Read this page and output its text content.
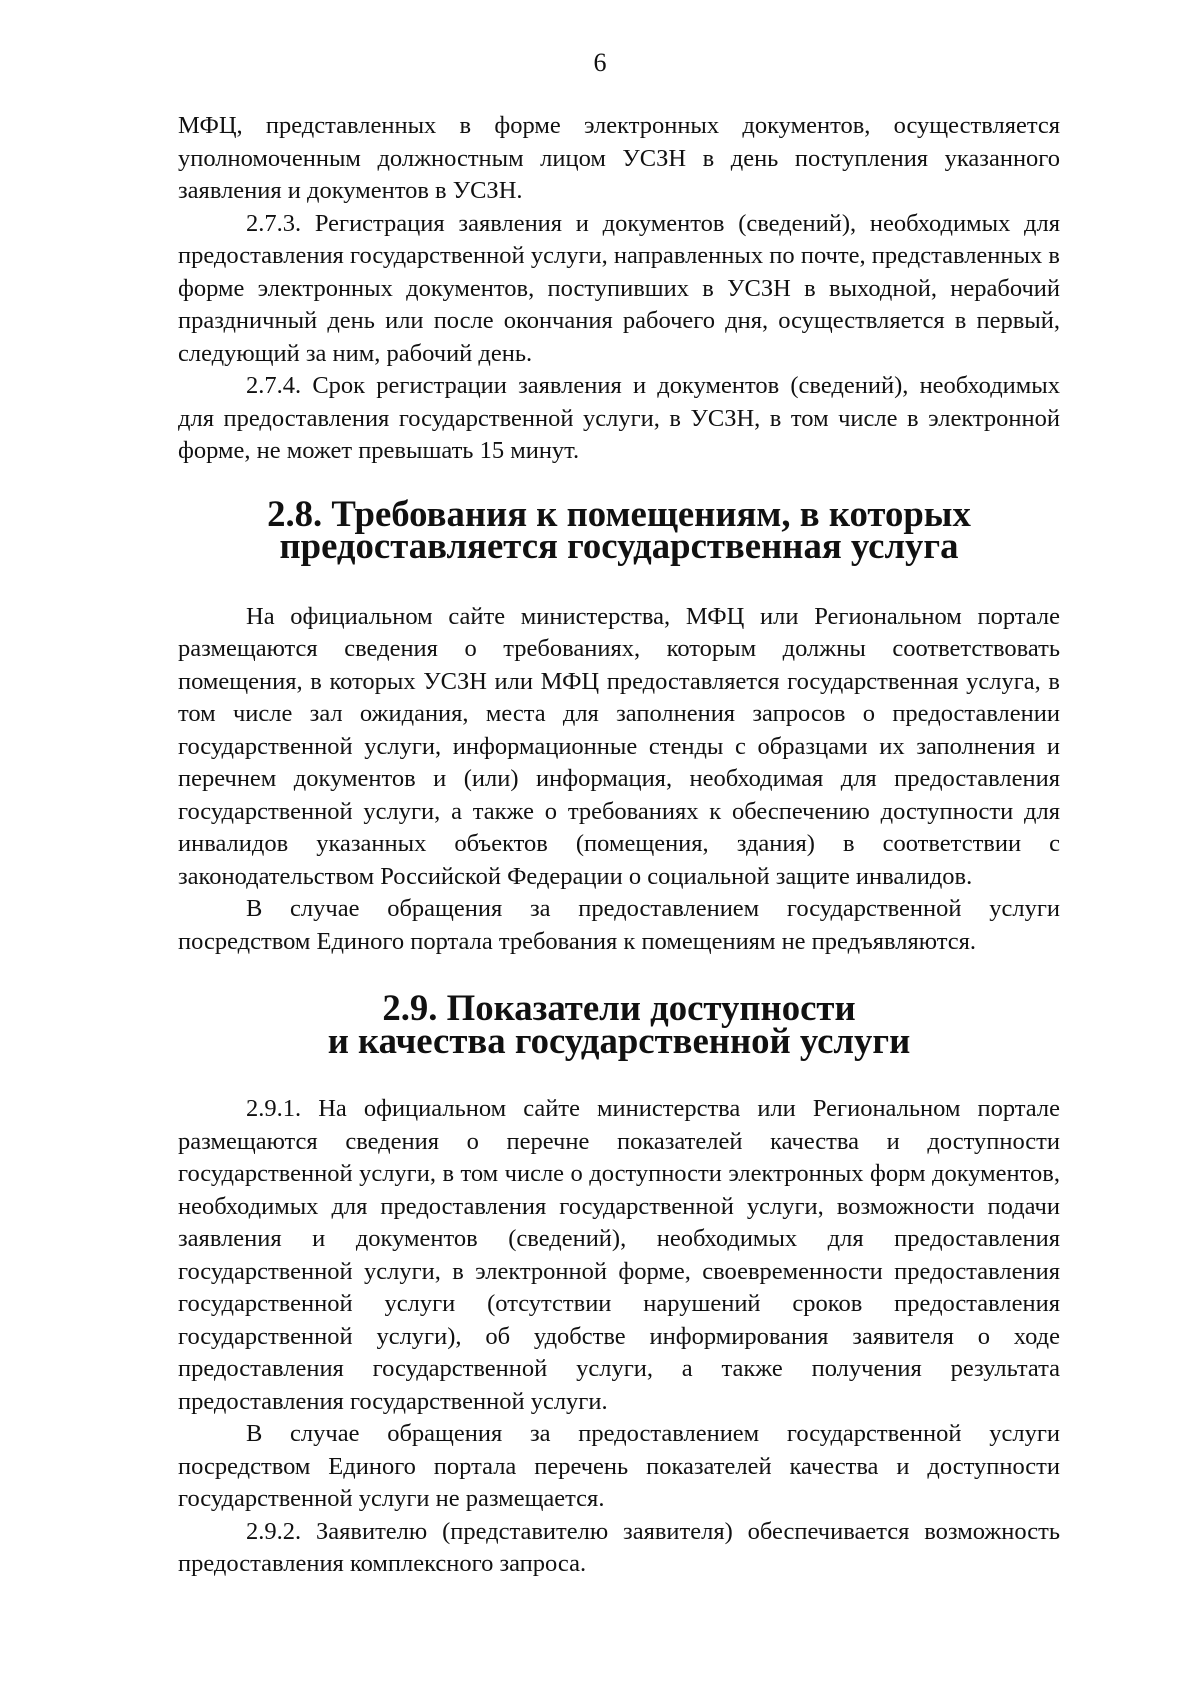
6

МФЦ, представленных в форме электронных документов, осуществляется уполномоченным должностным лицом УСЗН в день поступления указанного заявления и документов в УСЗН.

2.7.3. Регистрация заявления и документов (сведений), необходимых для предоставления государственной услуги, направленных по почте, представленных в форме электронных документов, поступивших в УСЗН в выходной, нерабочий праздничный день или после окончания рабочего дня, осуществляется в первый, следующий за ним, рабочий день.

2.7.4. Срок регистрации заявления и документов (сведений), необходимых для предоставления государственной услуги, в УСЗН, в том числе в электронной форме, не может превышать 15 минут.

2.8. Требования к помещениям, в которых
предоставляется государственная услуга

На официальном сайте министерства, МФЦ или Региональном портале размещаются сведения о требованиях, которым должны соответствовать помещения, в которых УСЗН или МФЦ предоставляется государственная услуга, в том числе зал ожидания, места для заполнения запросов о предоставлении государственной услуги, информационные стенды с образцами их заполнения и перечнем документов и (или) информация, необходимая для предоставления государственной услуги, а также о требованиях к обеспечению доступности для инвалидов указанных объектов (помещения, здания) в соответствии с законодательством Российской Федерации о социальной защите инвалидов.

В случае обращения за предоставлением государственной услуги посредством Единого портала требования к помещениям не предъявляются.

2.9. Показатели доступности
и качества государственной услуги

2.9.1. На официальном сайте министерства или Региональном портале размещаются сведения о перечне показателей качества и доступности государственной услуги, в том числе о доступности электронных форм документов, необходимых для предоставления государственной услуги, возможности подачи заявления и документов (сведений), необходимых для предоставления государственной услуги, в электронной форме, своевременности предоставления государственной услуги (отсутствии нарушений сроков предоставления государственной услуги), об удобстве информирования заявителя о ходе предоставления государственной услуги, а также получения результата предоставления государственной услуги.

В случае обращения за предоставлением государственной услуги посредством Единого портала перечень показателей качества и доступности государственной услуги не размещается.

2.9.2. Заявителю (представителю заявителя) обеспечивается возможность предоставления комплексного запроса.
